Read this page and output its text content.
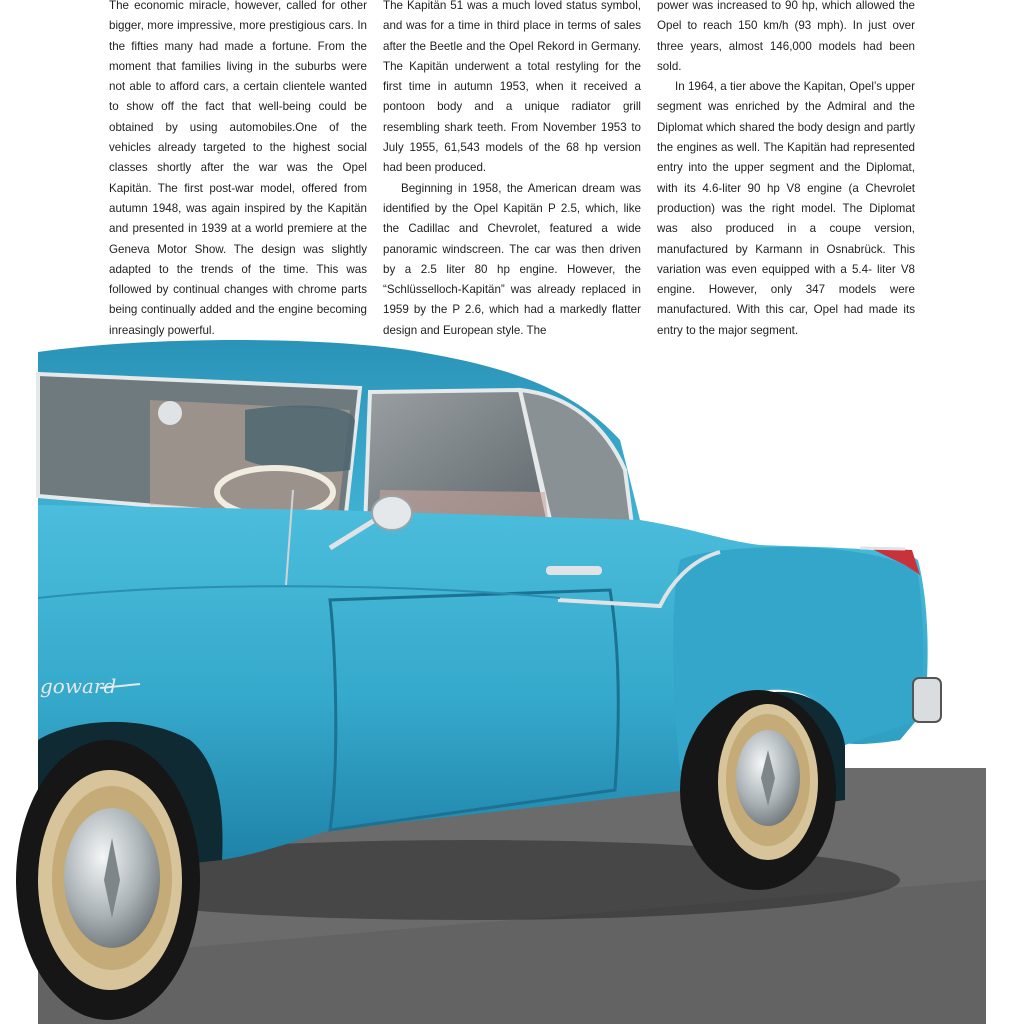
The economic miracle, however, called for other bigger, more impressive, more prestigious cars. In the fifties many had made a fortune. From the moment that families living in the suburbs were not able to afford cars, a certain clientele wanted to show off the fact that well-being could be obtained by using automobiles.One of the vehicles already targeted to the highest social classes shortly after the war was the Opel Kapitän. The first post-war model, offered from autumn 1948, was again inspired by the Kapitän and presented in 1939 at a world premiere at the Geneva Motor Show. The design was slightly adapted to the trends of the time. This was followed by continual changes with chrome parts being continually added and the engine becoming inreasingly powerful.

The Kapitän 51 was a much loved status symbol, and was for a time in third place in terms of sales after the Beetle and the Opel Rekord in Germany. The Kapitän underwent a total restyling for the first time in autumn 1953, when it received a pontoon body and a unique radiator grill resembling shark teeth. From November 1953 to July 1955, 61,543 models of the 68 hp version had been produced.

Beginning in 1958, the American dream was identified by the Opel Kapitän P 2.5, which, like the Cadillac and Chevrolet, featured a wide panoramic windscreen. The car was then driven by a 2.5 liter 80 hp engine. However, the “Schlüsselloch-Kapitän” was already replaced in 1959 by the P 2.6, which had a markedly flatter design and European style. The

power was increased to 90 hp, which allowed the Opel to reach 150 km/h (93 mph). In just over three years, almost 146,000 models had been sold.

In 1964, a tier above the Kapitan, Opel’s upper segment was enriched by the Admiral and the Diplomat which shared the body design and partly the engines as well. The Kapitän had represented entry into the upper segment and the Diplomat, with its 4.6-liter 90 hp V8 engine (a Chevrolet production) was the right model. The Diplomat was also produced in a coupe version, manufactured by Karmann in Osnabrück. This variation was even equipped with a 5.4- liter V8 engine. However, only 347 models were manufactured. With this car, Opel had made its entry to the major segment.

goward
